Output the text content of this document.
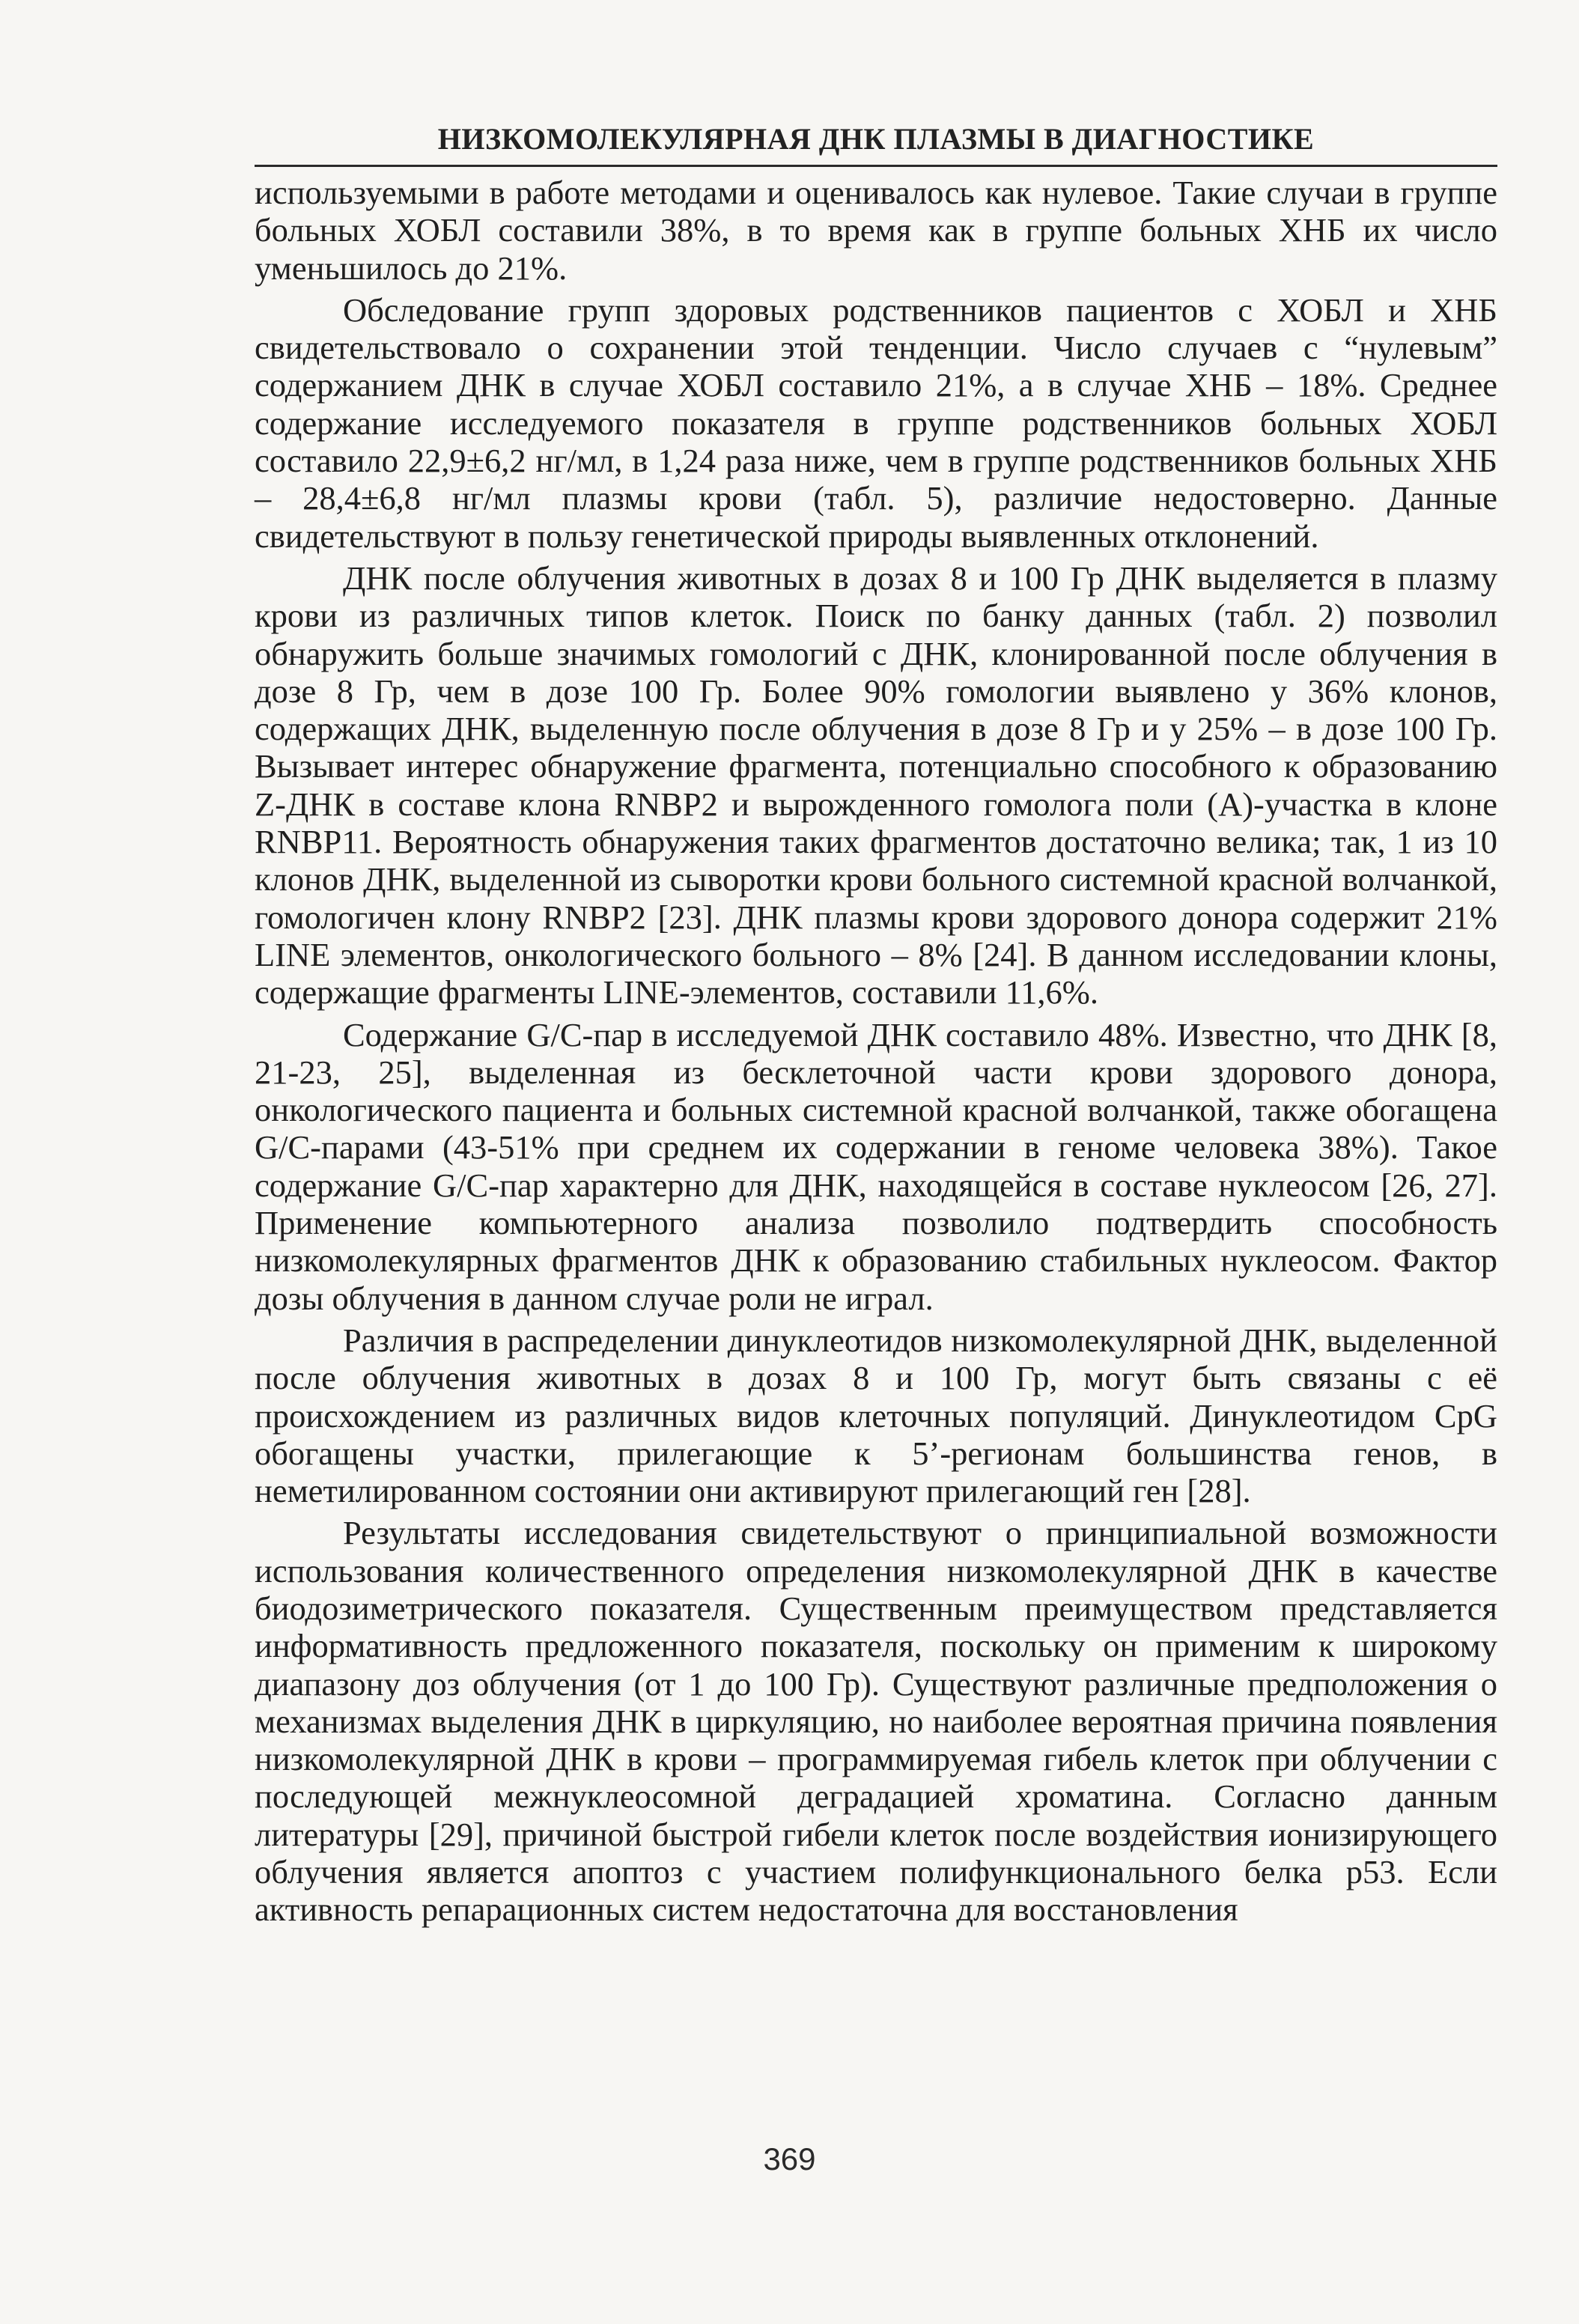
НИЗКОМОЛЕКУЛЯРНАЯ ДНК ПЛАЗМЫ В ДИАГНОСТИКЕ

используемыми в работе методами и оценивалось как нулевое. Такие случаи в группе больных ХОБЛ составили 38%, в то время как в группе больных ХНБ их число уменьшилось до 21%.

Обследование групп здоровых родственников пациентов с ХОБЛ и ХНБ свидетельствовало о сохранении этой тенденции. Число случаев с “нулевым” содержанием ДНК в случае ХОБЛ составило 21%, а в случае ХНБ – 18%. Среднее содержание исследуемого показателя в группе родственников больных ХОБЛ составило 22,9±6,2 нг/мл, в 1,24 раза ниже, чем в группе родственников больных ХНБ – 28,4±6,8 нг/мл плазмы крови (табл. 5), различие недостоверно. Данные свидетельствуют в пользу генетической природы выявленных отклонений.

ДНК после облучения животных в дозах 8 и 100 Гр ДНК выделяется в плазму крови из различных типов клеток. Поиск по банку данных (табл. 2) позволил обнаружить больше значимых гомологий с ДНК, клонированной после облучения в дозе 8 Гр, чем в дозе 100 Гр. Более 90% гомологии выявлено у 36% клонов, содержащих ДНК, выделенную после облучения в дозе 8 Гр и у 25% – в дозе 100 Гр. Вызывает интерес обнаружение фрагмента, потенциально способного к образованию Z-ДНК в составе клона RNBP2 и вырожденного гомолога поли (А)-участка в клоне RNBP11. Вероятность обнаружения таких фрагментов достаточно велика; так, 1 из 10 клонов ДНК, выделенной из сыворотки крови больного системной красной волчанкой, гомологичен клону RNBP2 [23]. ДНК плазмы крови здорового донора содержит 21% LINE элементов, онкологического больного – 8% [24]. В данном исследовании клоны, содержащие фрагменты LINE-элементов, составили 11,6%.

Содержание G/C-пар в исследуемой ДНК составило 48%. Известно, что ДНК [8, 21-23, 25], выделенная из бесклеточной части крови здорового донора, онкологического пациента и больных системной красной волчанкой, также обогащена G/C-парами (43-51% при среднем их содержании в геноме человека 38%). Такое содержание G/C-пар характерно для ДНК, находящейся в составе нуклеосом [26, 27]. Применение компьютерного анализа позволило подтвердить способность низкомолекулярных фрагментов ДНК к образованию стабильных нуклеосом. Фактор дозы облучения в данном случае роли не играл.

Различия в распределении динуклеотидов низкомолекулярной ДНК, выделенной после облучения животных в дозах 8 и 100 Гр, могут быть связаны с её происхождением из различных видов клеточных популяций. Динуклеотидом CpG обогащены участки, прилегающие к 5’-регионам большинства генов, в неметилированном состоянии они активируют прилегающий ген [28].

Результаты исследования свидетельствуют о принципиальной возможности использования количественного определения низкомолекулярной ДНК в качестве биодозиметрического показателя. Существенным преимуществом представляется информативность предложенного показателя, поскольку он применим к широкому диапазону доз облучения (от 1 до 100 Гр). Существуют различные предположения о механизмах выделения ДНК в циркуляцию, но наиболее вероятная причина появления низкомолекулярной ДНК в крови – программируемая гибель клеток при облучении с последующей межнуклеосомной деградацией хроматина. Согласно данным литературы [29], причиной быстрой гибели клеток после воздействия ионизирующего облучения является апоптоз с участием полифункционального белка p53. Если активность репарационных систем недостаточна для восстановления

369
